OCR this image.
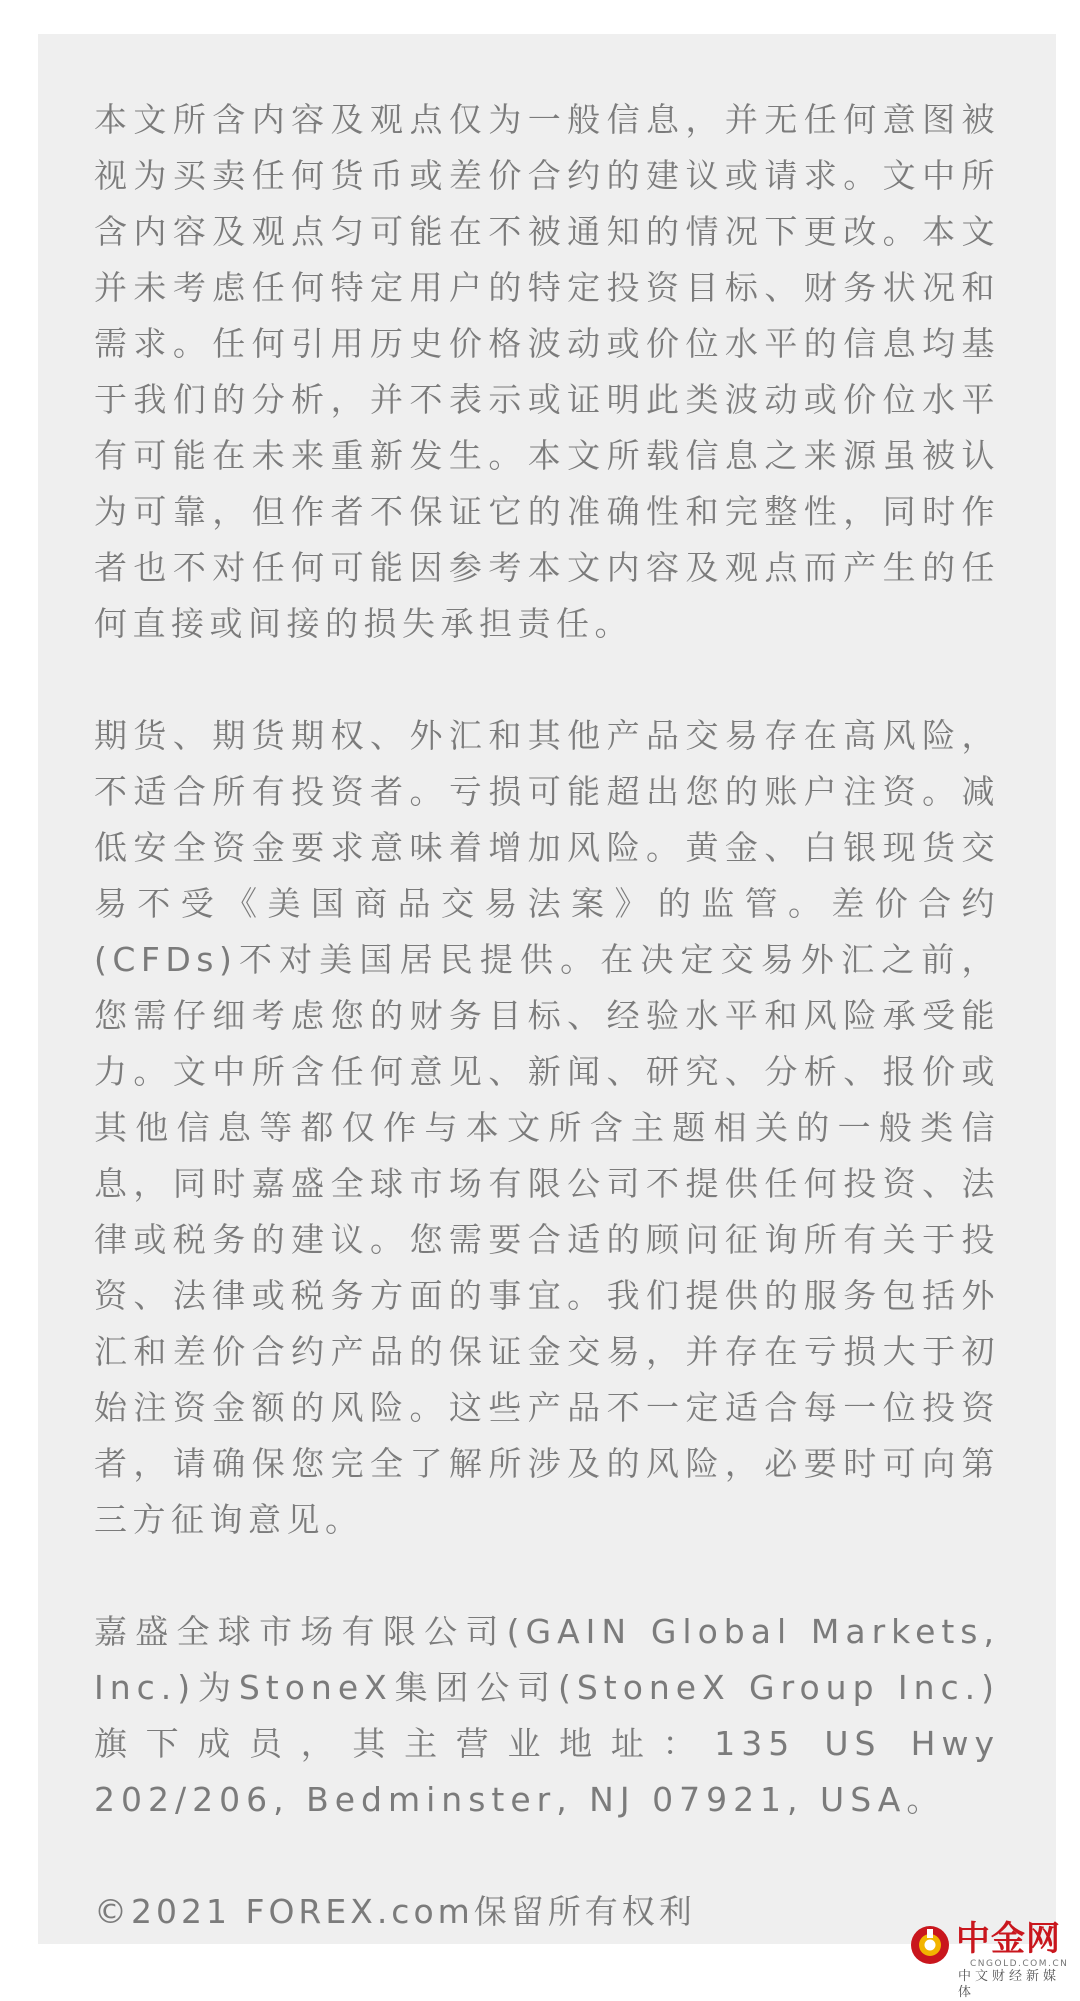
本文所含内容及观点仅为一般信息，并无任何意图被视为买卖任何货币或差价合约的建议或请求。文中所含内容及观点匀可能在不被通知的情况下更改。本文并未考虑任何特定用户的特定投资目标、财务状况和需求。任何引用历史价格波动或价位水平的信息均基于我们的分析，并不表示或证明此类波动或价位水平有可能在未来重新发生。本文所载信息之来源虽被认为可靠，但作者不保证它的准确性和完整性，同时作者也不对任何可能因参考本文内容及观点而产生的任何直接或间接的损失承担责任。

期货、期货期权、外汇和其他产品交易存在高风险，不适合所有投资者。亏损可能超出您的账户注资。减低安全资金要求意味着增加风险。黄金、白银现货交易不受《美国商品交易法案》的监管。差价合约(CFDs)不对美国居民提供。在决定交易外汇之前，您需仔细考虑您的财务目标、经验水平和风险承受能力。文中所含任何意见、新闻、研究、分析、报价或其他信息等都仅作与本文所含主题相关的一般类信息，同时嘉盛全球市场有限公司不提供任何投资、法律或税务的建议。您需要合适的顾问征询所有关于投资、法律或税务方面的事宜。我们提供的服务包括外汇和差价合约产品的保证金交易，并存在亏损大于初始注资金额的风险。这些产品不一定适合每一位投资者，请确保您完全了解所涉及的风险，必要时可向第三方征询意见。

嘉盛全球市场有限公司(GAIN Global Markets, Inc.)为StoneX集团公司(StoneX Group Inc.)旗下成员，其主营业地址：135 US Hwy 202/206, Bedminster, NJ 07921, USA。

©2021 FOREX.com保留所有权利

中金网
CNGOLD.COM.CN
中文财经新媒体
